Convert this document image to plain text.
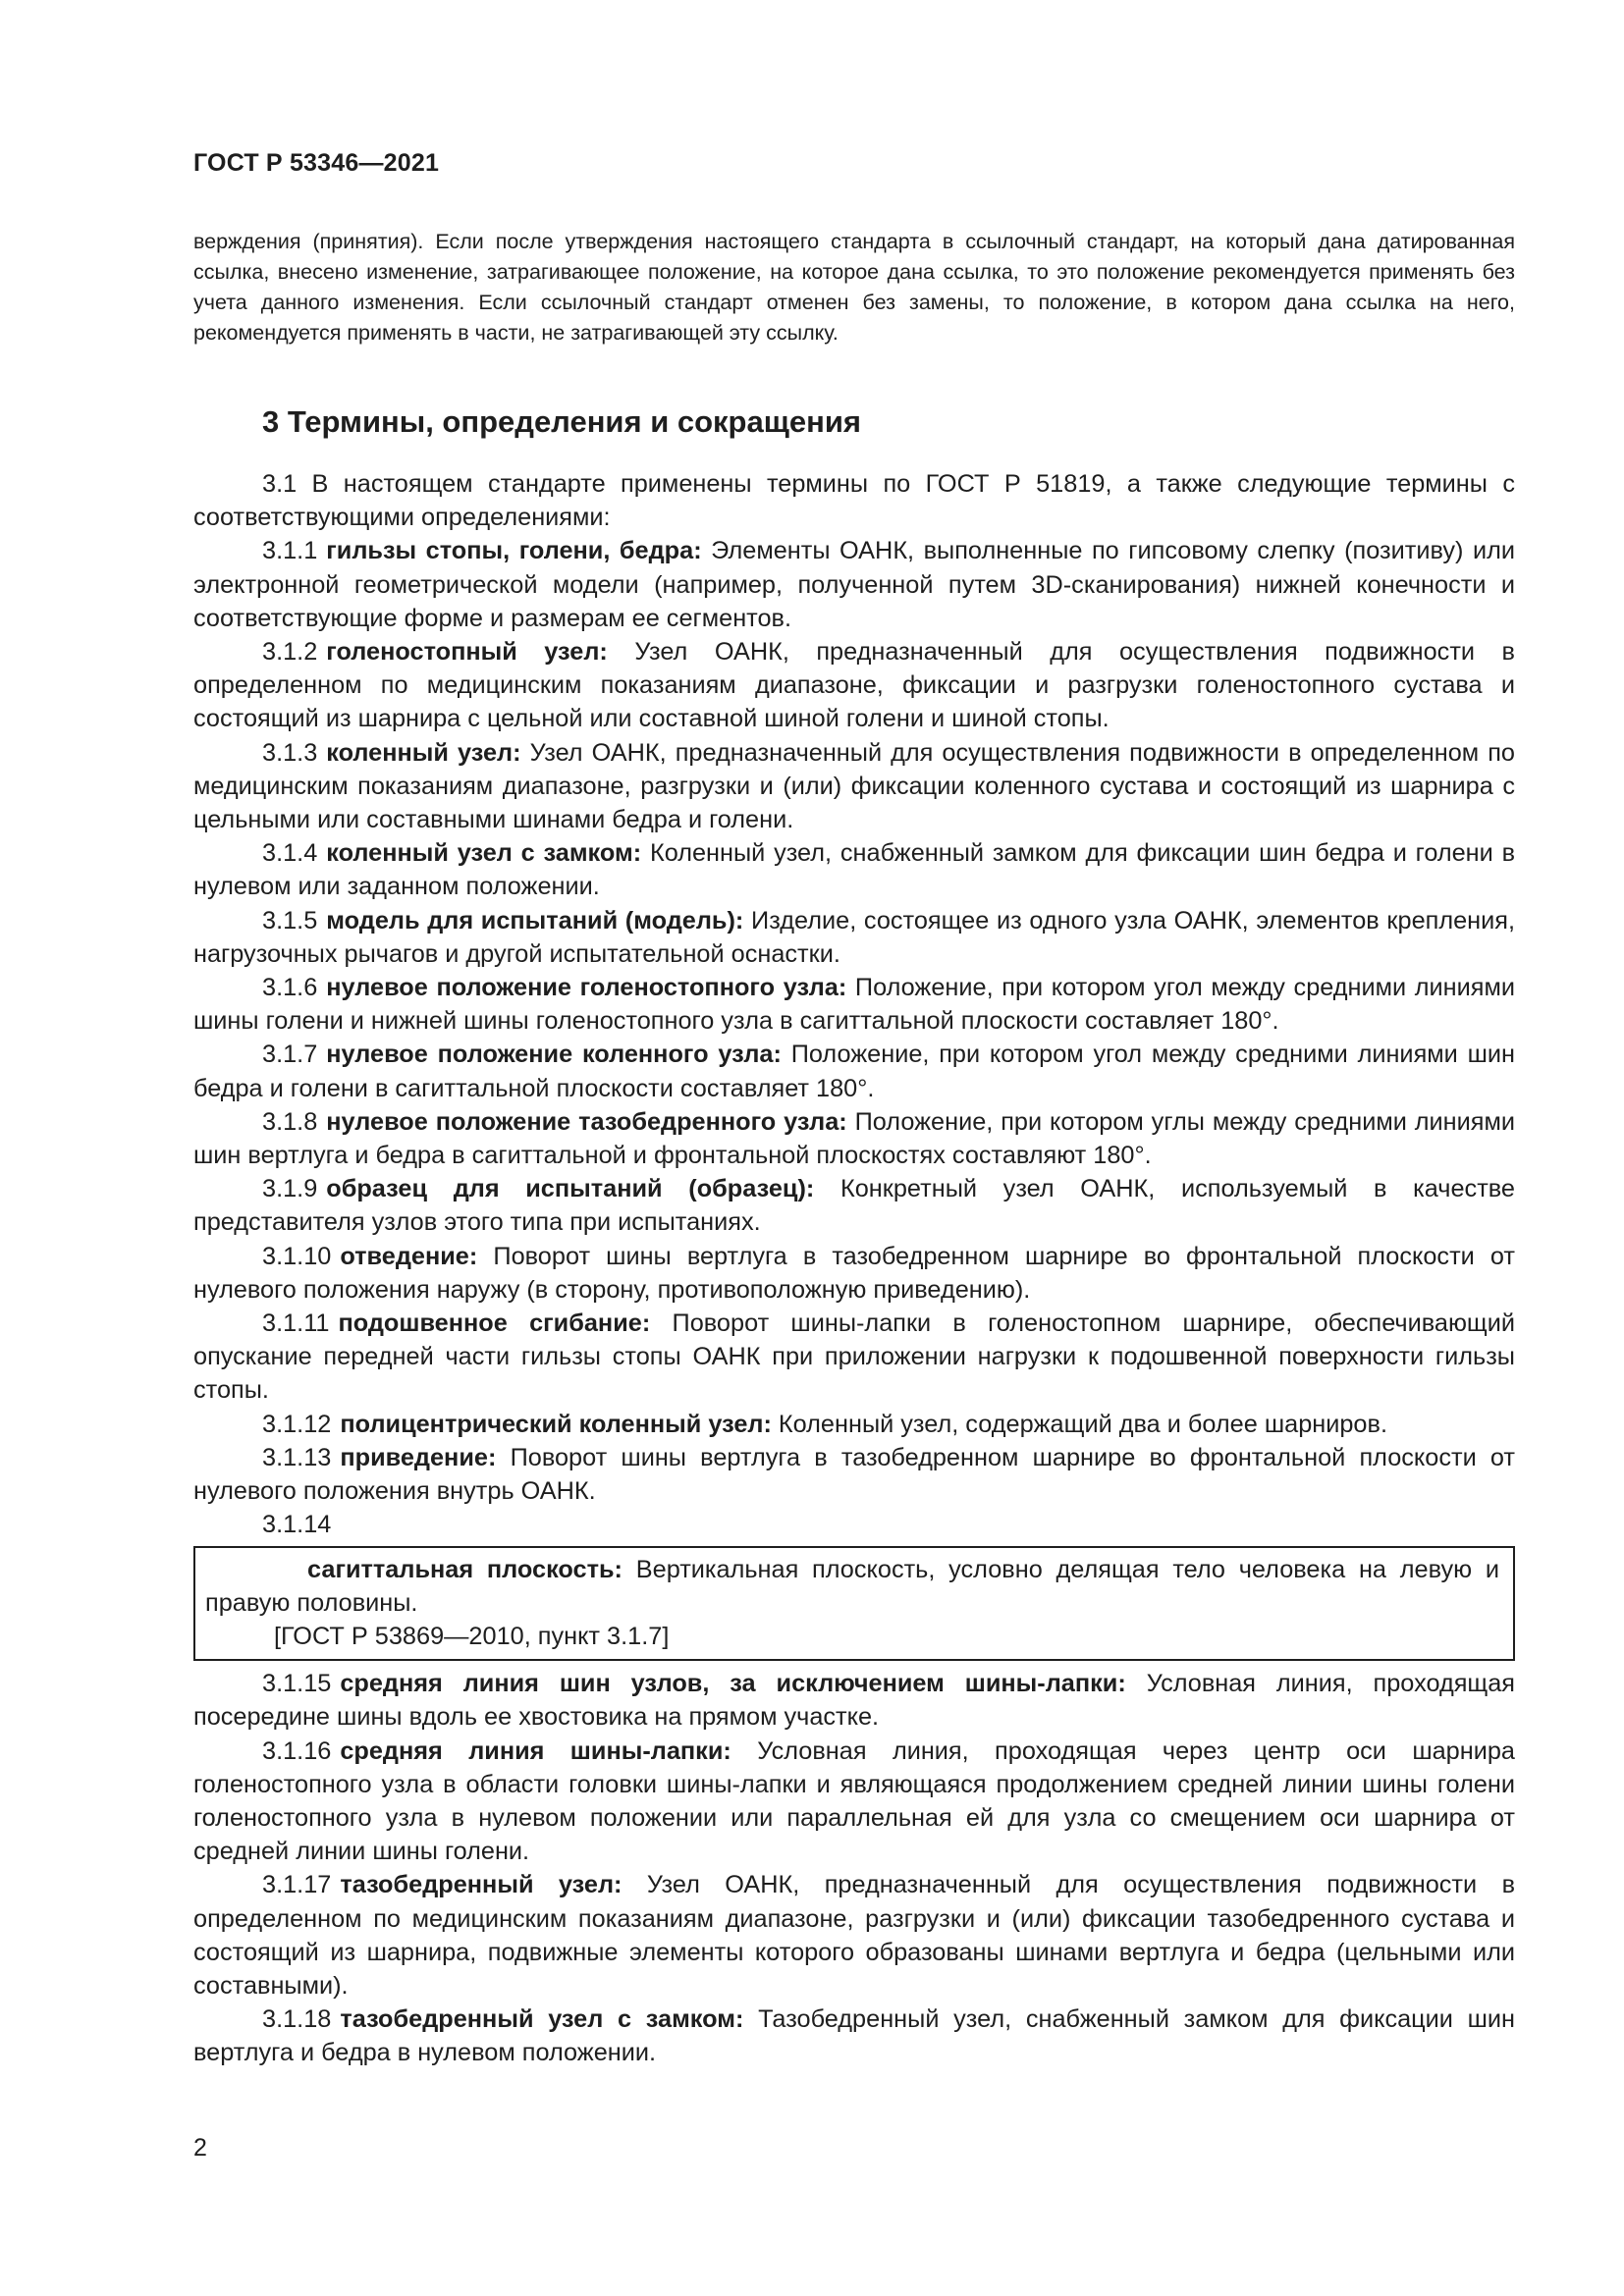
ГОСТ Р 53346—2021

верждения (принятия). Если после утверждения настоящего стандарта в ссылочный стандарт, на который дана датированная ссылка, внесено изменение, затрагивающее положение, на которое дана ссылка, то это положение рекомендуется применять без учета данного изменения. Если ссылочный стандарт отменен без замены, то положение, в котором дана ссылка на него, рекомендуется применять в части, не затрагивающей эту ссылку.

3 Термины, определения и сокращения

3.1 В настоящем стандарте применены термины по ГОСТ Р 51819, а также следующие термины с соответствующими определениями:

3.1.1 гильзы стопы, голени, бедра: Элементы ОАНК, выполненные по гипсовому слепку (позитиву) или электронной геометрической модели (например, полученной путем 3D-сканирования) нижней конечности и соответствующие форме и размерам ее сегментов.

3.1.2 голеностопный узел: Узел ОАНК, предназначенный для осуществления подвижности в определенном по медицинским показаниям диапазоне, фиксации и разгрузки голеностопного сустава и состоящий из шарнира с цельной или составной шиной голени и шиной стопы.

3.1.3 коленный узел: Узел ОАНК, предназначенный для осуществления подвижности в определенном по медицинским показаниям диапазоне, разгрузки и (или) фиксации коленного сустава и состоящий из шарнира с цельными или составными шинами бедра и голени.

3.1.4 коленный узел с замком: Коленный узел, снабженный замком для фиксации шин бедра и голени в нулевом или заданном положении.

3.1.5 модель для испытаний (модель): Изделие, состоящее из одного узла ОАНК, элементов крепления, нагрузочных рычагов и другой испытательной оснастки.

3.1.6 нулевое положение голеностопного узла: Положение, при котором угол между средними линиями шины голени и нижней шины голеностопного узла в сагиттальной плоскости составляет 180°.

3.1.7 нулевое положение коленного узла: Положение, при котором угол между средними линиями шин бедра и голени в сагиттальной плоскости составляет 180°.

3.1.8 нулевое положение тазобедренного узла: Положение, при котором углы между средними линиями шин вертлуга и бедра в сагиттальной и фронтальной плоскостях составляют 180°.

3.1.9 образец для испытаний (образец): Конкретный узел ОАНК, используемый в качестве представителя узлов этого типа при испытаниях.

3.1.10 отведение: Поворот шины вертлуга в тазобедренном шарнире во фронтальной плоскости от нулевого положения наружу (в сторону, противоположную приведению).

3.1.11 подошвенное сгибание: Поворот шины-лапки в голеностопном шарнире, обеспечивающий опускание передней части гильзы стопы ОАНК при приложении нагрузки к подошвенной поверхности гильзы стопы.

3.1.12 полицентрический коленный узел: Коленный узел, содержащий два и более шарниров.

3.1.13 приведение: Поворот шины вертлуга в тазобедренном шарнире во фронтальной плоскости от нулевого положения внутрь ОАНК.

3.1.14

сагиттальная плоскость: Вертикальная плоскость, условно делящая тело человека на левую и правую половины.

[ГОСТ Р 53869—2010, пункт 3.1.7]

3.1.15 средняя линия шин узлов, за исключением шины-лапки: Условная линия, проходящая посередине шины вдоль ее хвостовика на прямом участке.

3.1.16 средняя линия шины-лапки: Условная линия, проходящая через центр оси шарнира голеностопного узла в области головки шины-лапки и являющаяся продолжением средней линии шины голени голеностопного узла в нулевом положении или параллельная ей для узла со смещением оси шарнира от средней линии шины голени.

3.1.17 тазобедренный узел: Узел ОАНК, предназначенный для осуществления подвижности в определенном по медицинским показаниям диапазоне, разгрузки и (или) фиксации тазобедренного сустава и состоящий из шарнира, подвижные элементы которого образованы шинами вертлуга и бедра (цельными или составными).

3.1.18 тазобедренный узел с замком: Тазобедренный узел, снабженный замком для фиксации шин вертлуга и бедра в нулевом положении.

2
